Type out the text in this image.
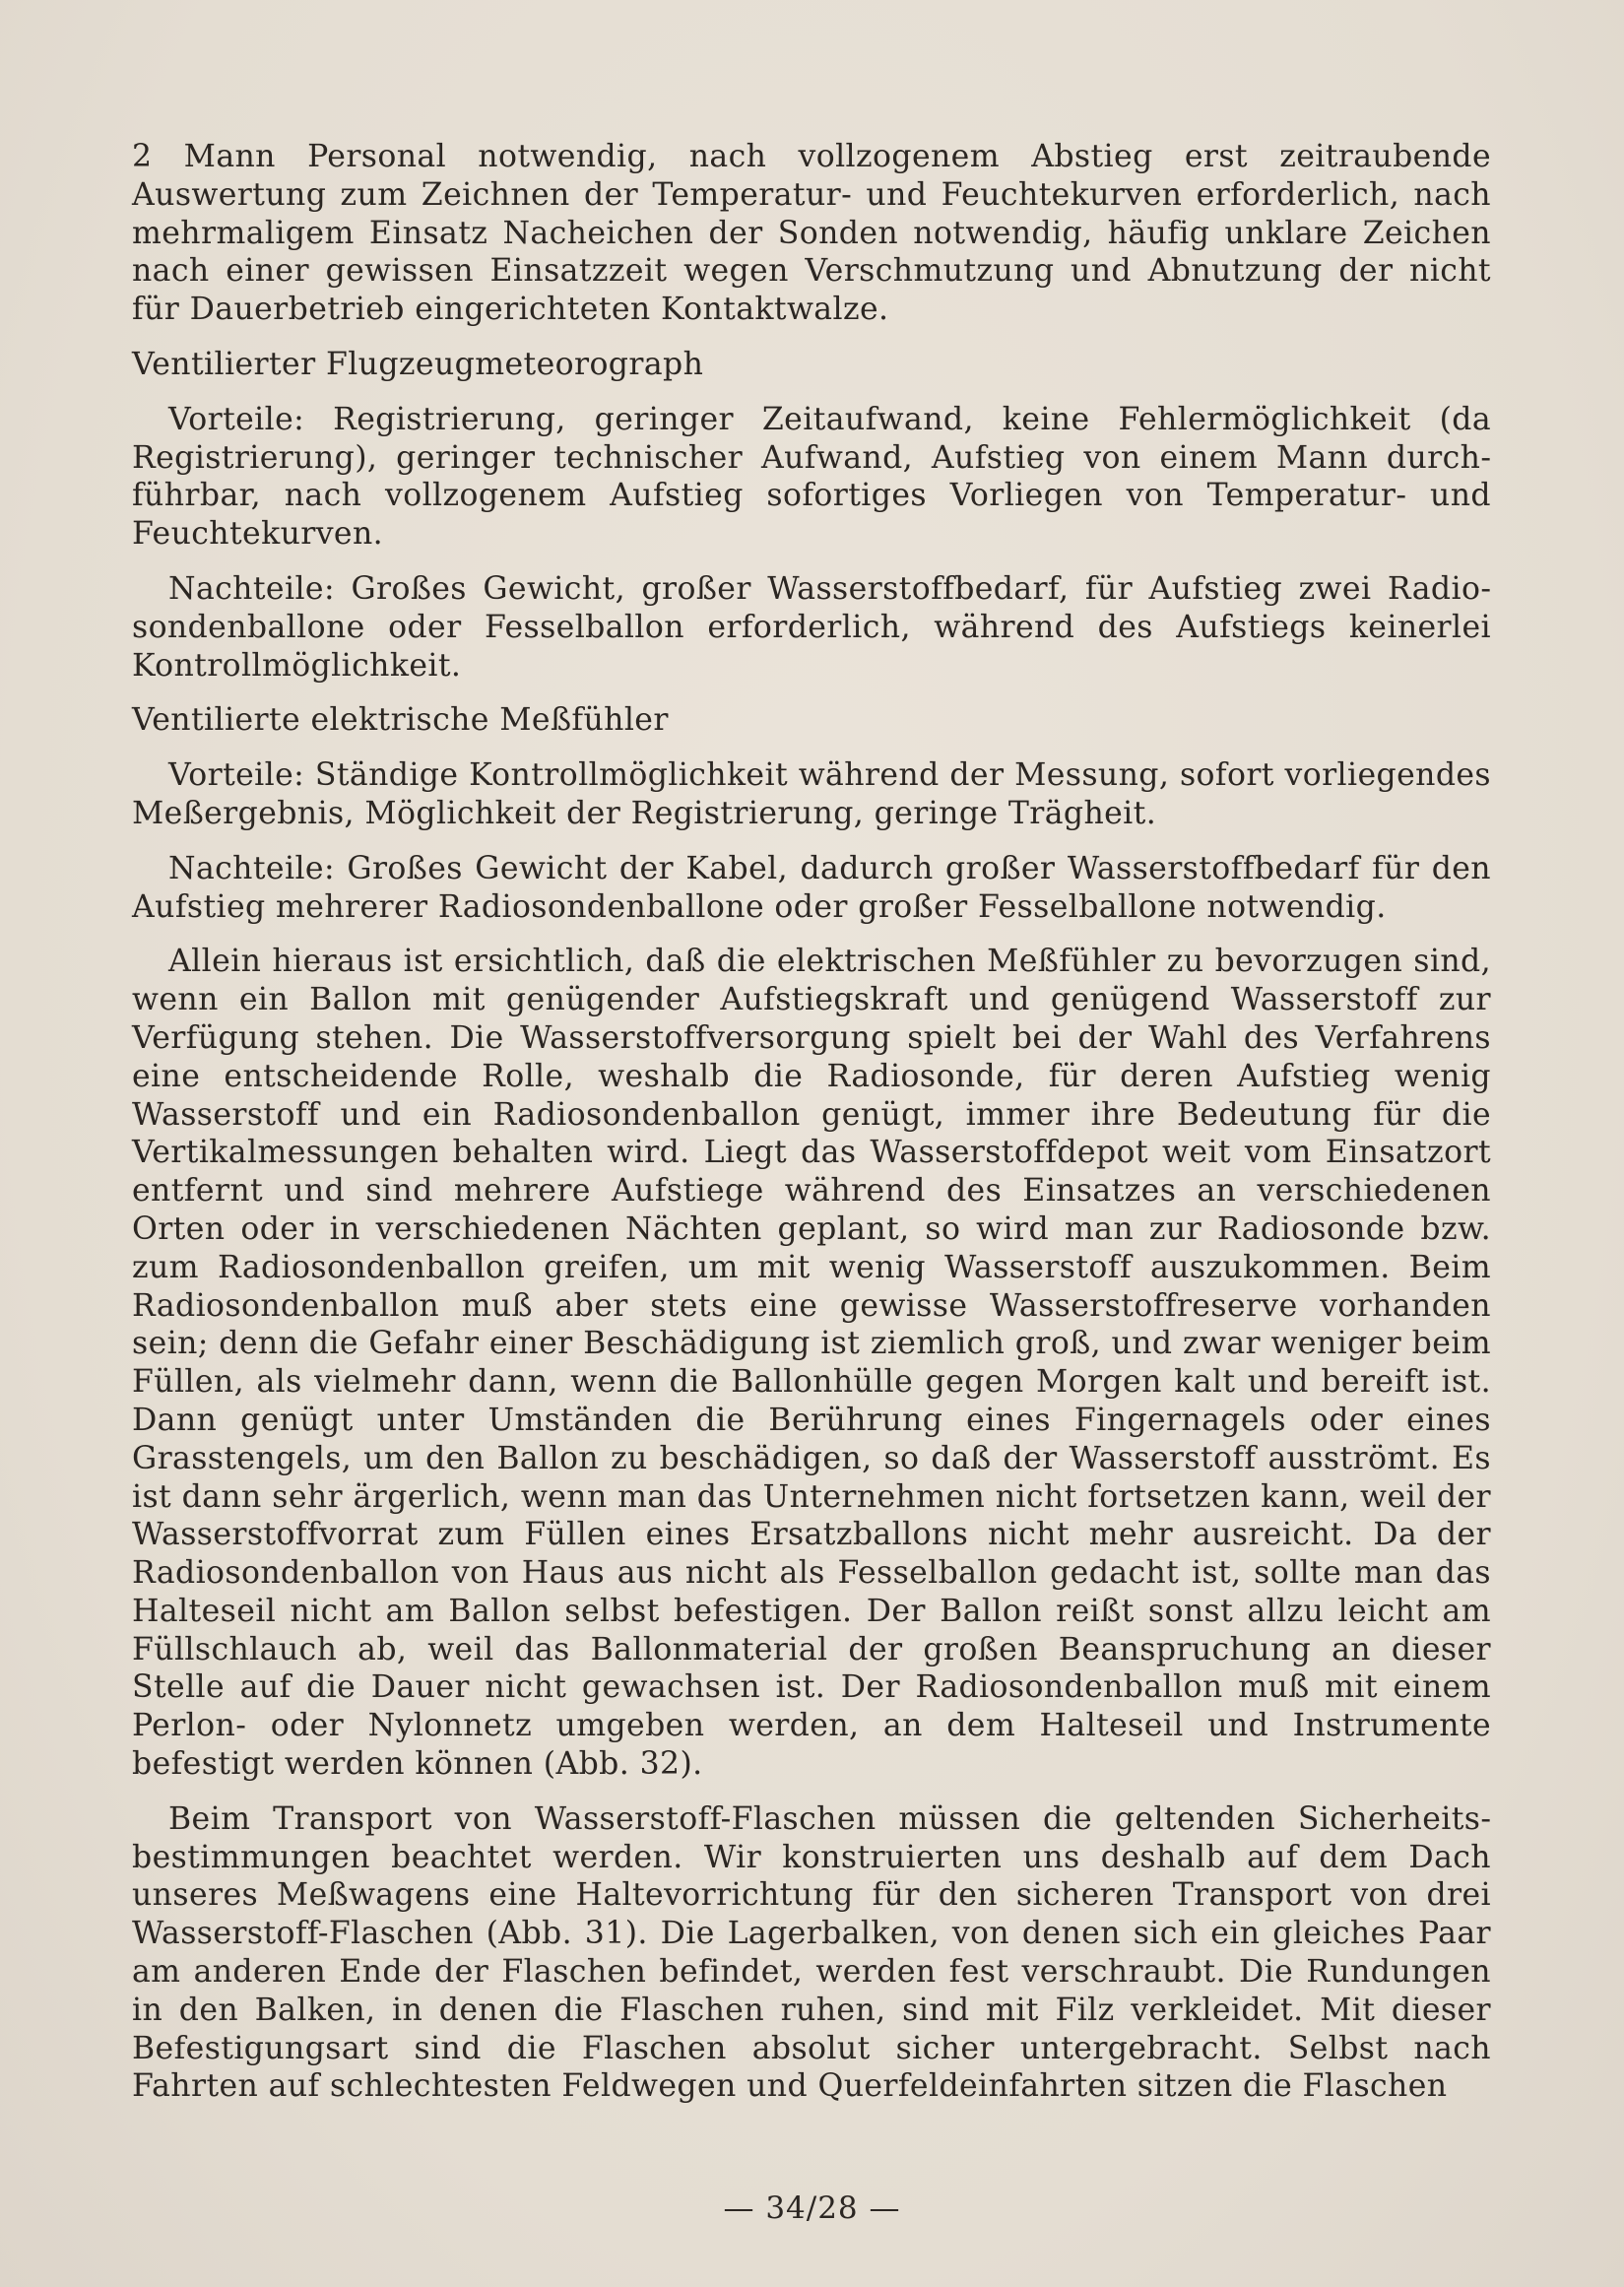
2 Mann Personal notwendig, nach vollzogenem Abstieg erst zeitraubende Auswertung zum Zeichnen der Temperatur- und Feuchtekurven erforderlich, nach mehrmaligem Einsatz Nacheichen der Sonden notwendig, häufig unklare Zeichen nach einer gewissen Einsatzzeit wegen Verschmutzung und Abnutzung der nicht für Dauerbetrieb eingerichteten Kontaktwalze.

Ventilierter Flugzeugmeteorograph

Vorteile: Registrierung, geringer Zeitaufwand, keine Fehlermöglichkeit (da Registrierung), geringer technischer Aufwand, Aufstieg von einem Mann durchführbar, nach vollzogenem Aufstieg sofortiges Vorliegen von Temperatur- und Feuchtekurven.

Nachteile: Großes Gewicht, großer Wasserstoffbedarf, für Aufstieg zwei Radiosondenballone oder Fesselballon erforderlich, während des Aufstiegs keinerlei Kontrollmöglichkeit.

Ventilierte elektrische Meßfühler

Vorteile: Ständige Kontrollmöglichkeit während der Messung, sofort vorliegendes Meßergebnis, Möglichkeit der Registrierung, geringe Trägheit.

Nachteile: Großes Gewicht der Kabel, dadurch großer Wasserstoffbedarf für den Aufstieg mehrerer Radiosondenballone oder großer Fesselballone notwendig.

Allein hieraus ist ersichtlich, daß die elektrischen Meßfühler zu bevorzugen sind, wenn ein Ballon mit genügender Aufstiegskraft und genügend Wasserstoff zur Verfügung stehen. Die Wasserstoffversorgung spielt bei der Wahl des Verfahrens eine entscheidende Rolle, weshalb die Radiosonde, für deren Aufstieg wenig Wasserstoff und ein Radiosondenballon genügt, immer ihre Bedeutung für die Vertikalmessungen behalten wird. Liegt das Wasserstoffdepot weit vom Einsatzort entfernt und sind mehrere Aufstiege während des Einsatzes an verschiedenen Orten oder in verschiedenen Nächten geplant, so wird man zur Radiosonde bzw. zum Radiosondenballon greifen, um mit wenig Wasserstoff auszukommen. Beim Radiosondenballon muß aber stets eine gewisse Wasserstoffreserve vorhanden sein; denn die Gefahr einer Beschädigung ist ziemlich groß, und zwar weniger beim Füllen, als vielmehr dann, wenn die Ballonhülle gegen Morgen kalt und bereift ist. Dann genügt unter Umständen die Berührung eines Fingernagels oder eines Grasstengels, um den Ballon zu beschädigen, so daß der Wasserstoff ausströmt. Es ist dann sehr ärgerlich, wenn man das Unternehmen nicht fortsetzen kann, weil der Wasserstoffvorrat zum Füllen eines Ersatzballons nicht mehr ausreicht. Da der Radiosondenballon von Haus aus nicht als Fesselballon gedacht ist, sollte man das Halteseil nicht am Ballon selbst befestigen. Der Ballon reißt sonst allzu leicht am Füllschlauch ab, weil das Ballonmaterial der großen Beanspruchung an dieser Stelle auf die Dauer nicht gewachsen ist. Der Radiosondenballon muß mit einem Perlon- oder Nylonnetz umgeben werden, an dem Halteseil und Instrumente befestigt werden können (Abb. 32).

Beim Transport von Wasserstoff-Flaschen müssen die geltenden Sicherheitsbestimmungen beachtet werden. Wir konstruierten uns deshalb auf dem Dach unseres Meßwagens eine Haltevorrichtung für den sicheren Transport von drei Wasserstoff-Flaschen (Abb. 31). Die Lagerbalken, von denen sich ein gleiches Paar am anderen Ende der Flaschen befindet, werden fest verschraubt. Die Rundungen in den Balken, in denen die Flaschen ruhen, sind mit Filz verkleidet. Mit dieser Befestigungsart sind die Flaschen absolut sicher untergebracht. Selbst nach Fahrten auf schlechtesten Feldwegen und Querfeldeinfahrten sitzen die Flaschen

— 34/28 —
